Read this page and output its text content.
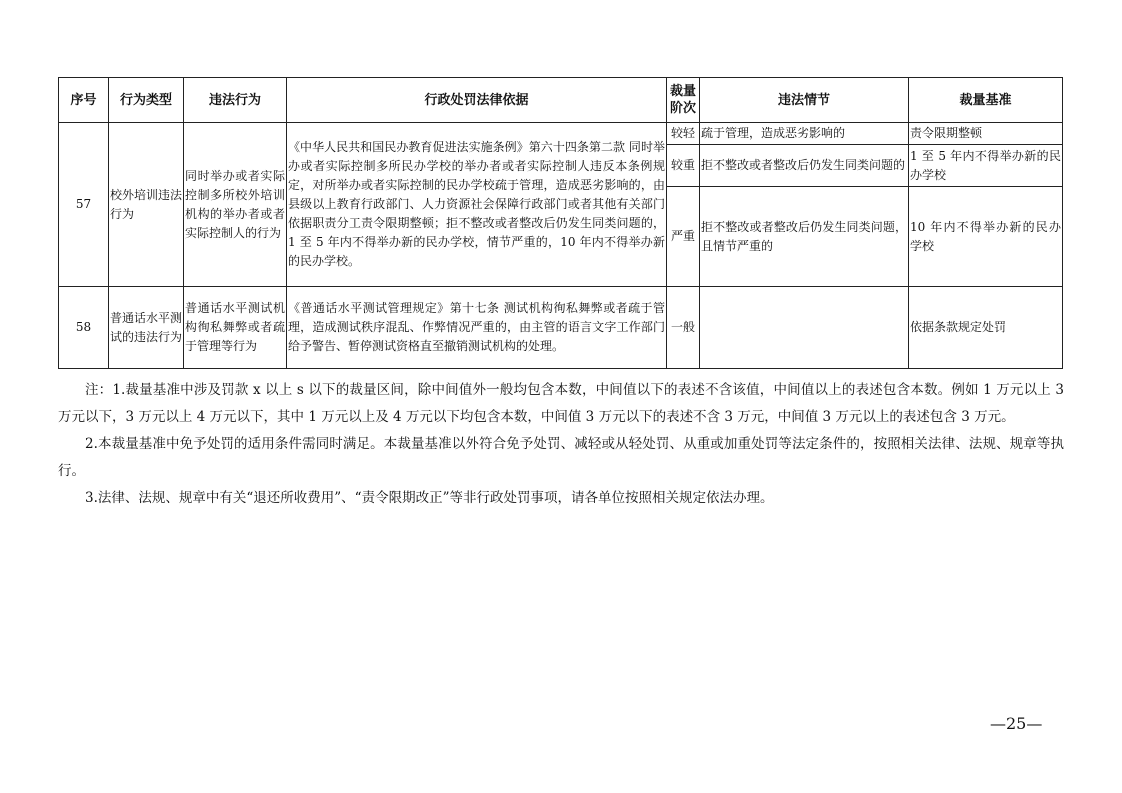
序号	行为类型	违法行为	行政处罚法律依据	裁量阶次	违法情节	裁量基准
57	校外培训违法行为	同时举办或者实际控制多所校外培训机构的举办者或者实际控制人的行为	《中华人民共和国民办教育促进法实施条例》第六十四条第二款 同时举办或者实际控制多所民办学校的举办者或者实际控制人违反本条例规定，对所举办或者实际控制的民办学校疏于管理，造成恶劣影响的，由县级以上教育行政部门、人力资源社会保障行政部门或者其他有关部门依据职责分工责令限期整顿；拒不整改或者整改后仍发生同类问题的，1 至 5 年内不得举办新的民办学校，情节严重的，10 年内不得举办新的民办学校。	较轻	疏于管理，造成恶劣影响的	责令限期整顿
				较重	拒不整改或者整改后仍发生同类问题的	1 至 5 年内不得举办新的民办学校
				严重	拒不整改或者整改后仍发生同类问题，且情节严重的	10 年内不得举办新的民办学校
58	普通话水平测试的违法行为	普通话水平测试机构徇私舞弊或者疏于管理等行为	《普通话水平测试管理规定》第十七条 测试机构徇私舞弊或者疏于管理，造成测试秩序混乱、作弊情况严重的，由主管的语言文字工作部门给予警告、暂停测试资格直至撤销测试机构的处理。	一般		依据条款规定处罚

注：1.裁量基准中涉及罚款 x 以上 s 以下的裁量区间，除中间值外一般均包含本数，中间值以下的表述不含该值，中间值以上的表述包含本数。例如 1 万元以上 3 万元以下，3 万元以上 4 万元以下，其中 1 万元以上及 4 万元以下均包含本数，中间值 3 万元以下的表述不含 3 万元，中间值 3 万元以上的表述包含 3 万元。

2.本裁量基准中免予处罚的适用条件需同时满足。本裁量基准以外符合免予处罚、减轻或从轻处罚、从重或加重处罚等法定条件的，按照相关法律、法规、规章等执行。

3.法律、法规、规章中有关“退还所收费用”、“责令限期改正”等非行政处罚事项，请各单位按照相关规定依法办理。

—25—
